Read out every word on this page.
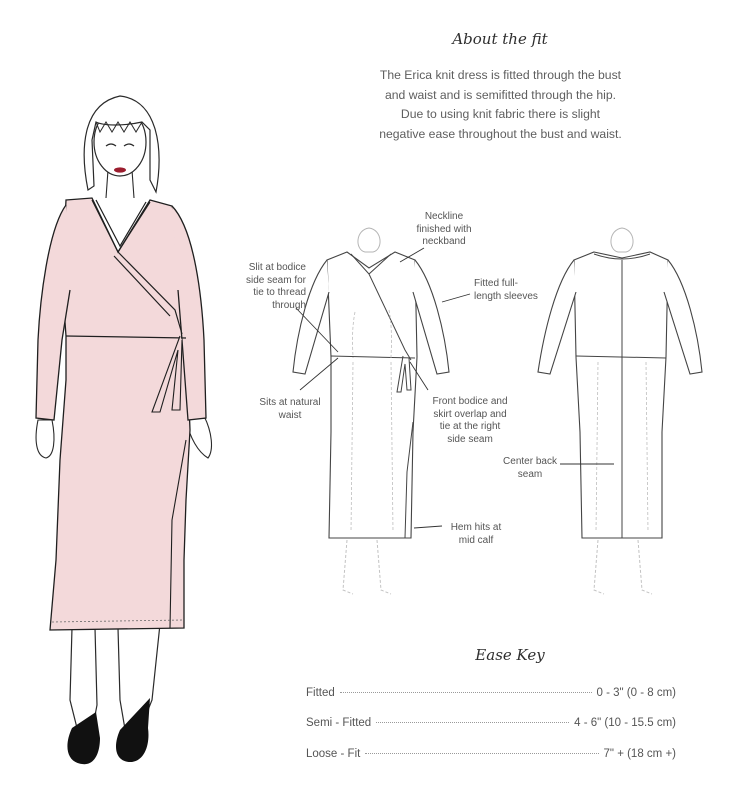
About the fit

The Erica knit dress is fitted through the bust and waist and is semifitted through the hip. Due to using knit fabric there is slight negative ease throughout the bust and waist.

Neckline finished with neckband
Slit at bodice side seam for tie to thread through
Fitted full-length sleeves
Sits at natural waist
Front bodice and skirt overlap and tie at the right side seam
Center back seam
Hem hits at mid calf
Ease Key
Fitted	0 - 3" (0 - 8 cm)
Semi - Fitted	4 - 6" (10 - 15.5 cm)
Loose - Fit	7" + (18 cm +)
